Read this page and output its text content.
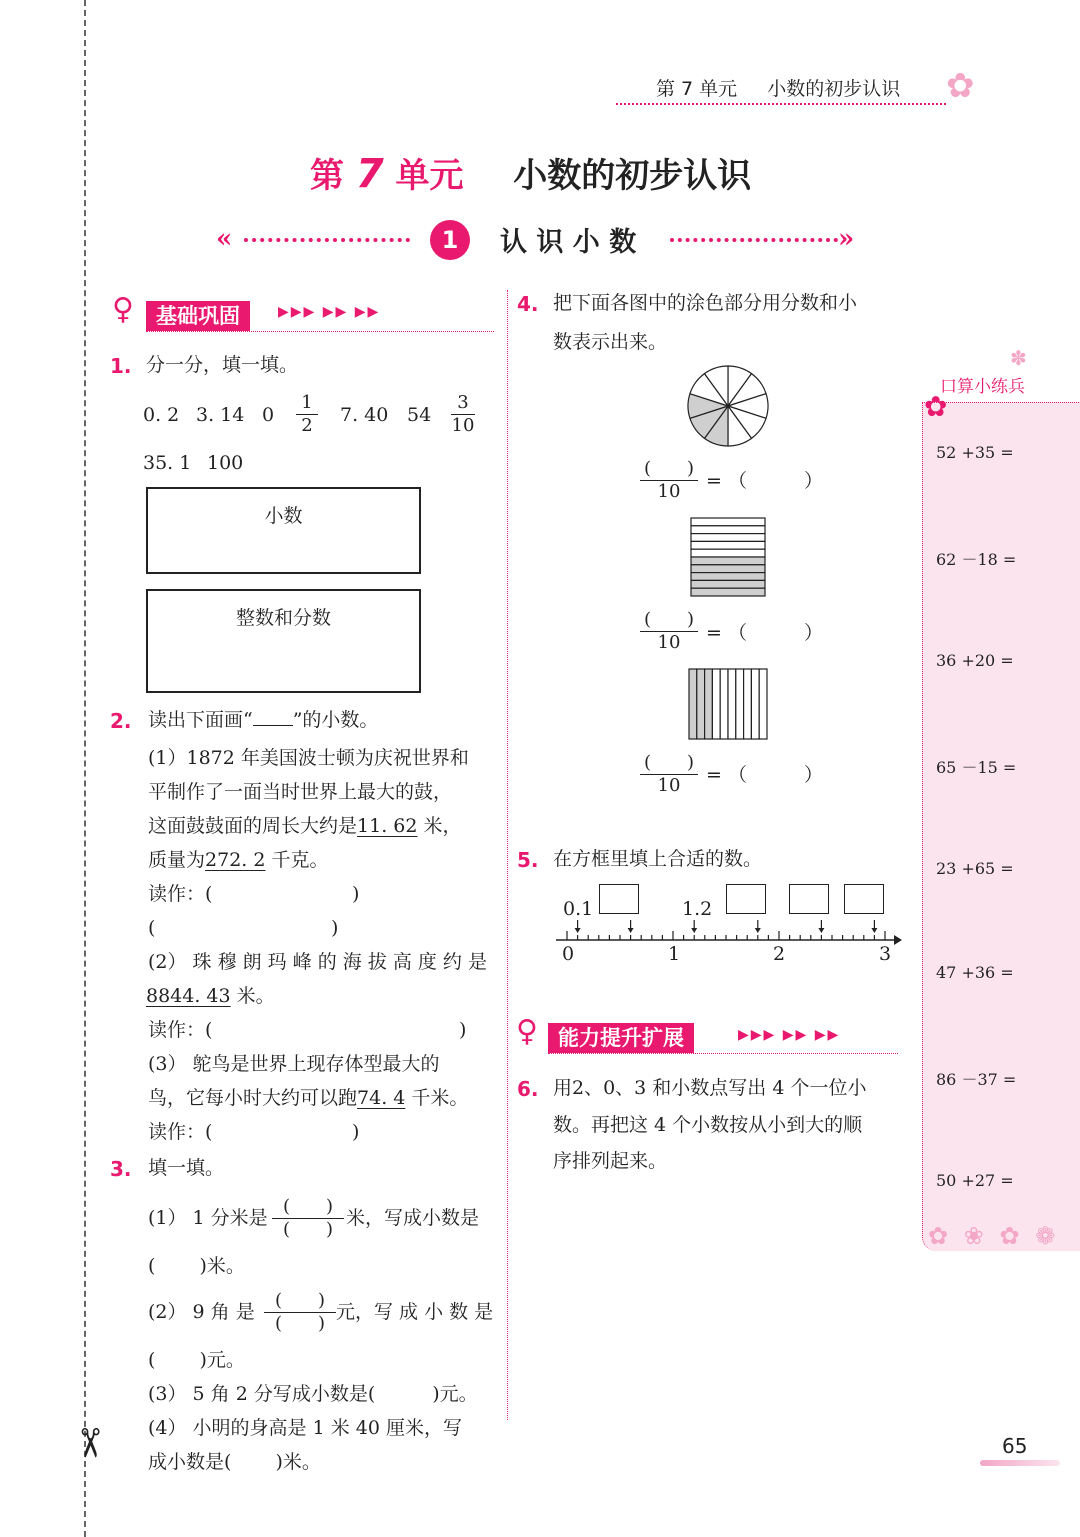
✂
第 7 单元 小数的初步认识 ✿
第 7 单元 小数的初步认识
«	1	认 识 小 数	»
♀	基础巩固	▶▶▶ ▶▶ ▶▶
1. 分一分，填一填。
0. 2 3. 14 0
1
2 7. 40 54
3
10
35. 1 100
小数
整数和分数
2. 读出下面画“ ”的小数。
(1）1872 年美国波士顿为庆祝世界和
平制作了一面当时世界上最大的鼓，
这面鼓鼓面的周长大约是11. 62 米，
质量为272. 2 千克。
读作：(	)
(	)
(2） 珠 穆 朗 玛 峰 的 海 拔 高 度 约 是
8844. 43 米。
读作：(	)
(3） 鸵鸟是世界上现存体型最大的
鸟，它每小时大约可以跑74. 4 千米。
读作：(	)
3. 填一填。
(1） 1 分米是
(　　)
(　　)
米，写成小数是
(　　 )米。
(2） 9 角 是
(　　)
(　　)
元，写 成 小 数 是
(　　 )元。
(3） 5 角 2 分写成小数是(　　　)元。
(4） 小明的身高是 1 米 40 厘米，写
成小数是(　　 )米。
4. 把下面各图中的涂色部分用分数和小
数表示出来。
(　　)
10	= （　　　）
(　　)
10	= （　　　）
(　　)
10	= （　　　）
5. 在方框里填上合适的数。
0.1	1.2
0	1	2	3
♀ 能力提升扩展	▶▶▶ ▶▶ ▶▶
6. 用2、0、3 和小数点写出 4 个一位小
数。再把这 4 个小数按从小到大的顺
序排列起来。
口算小练兵
✽
✿
52 +35 =
62 －18 =
36 +20 =
65 －15 =
23 +65 =
47 +36 =
86 －37 =
50 +27 =
✿ ❀ ✿ ❁
65
